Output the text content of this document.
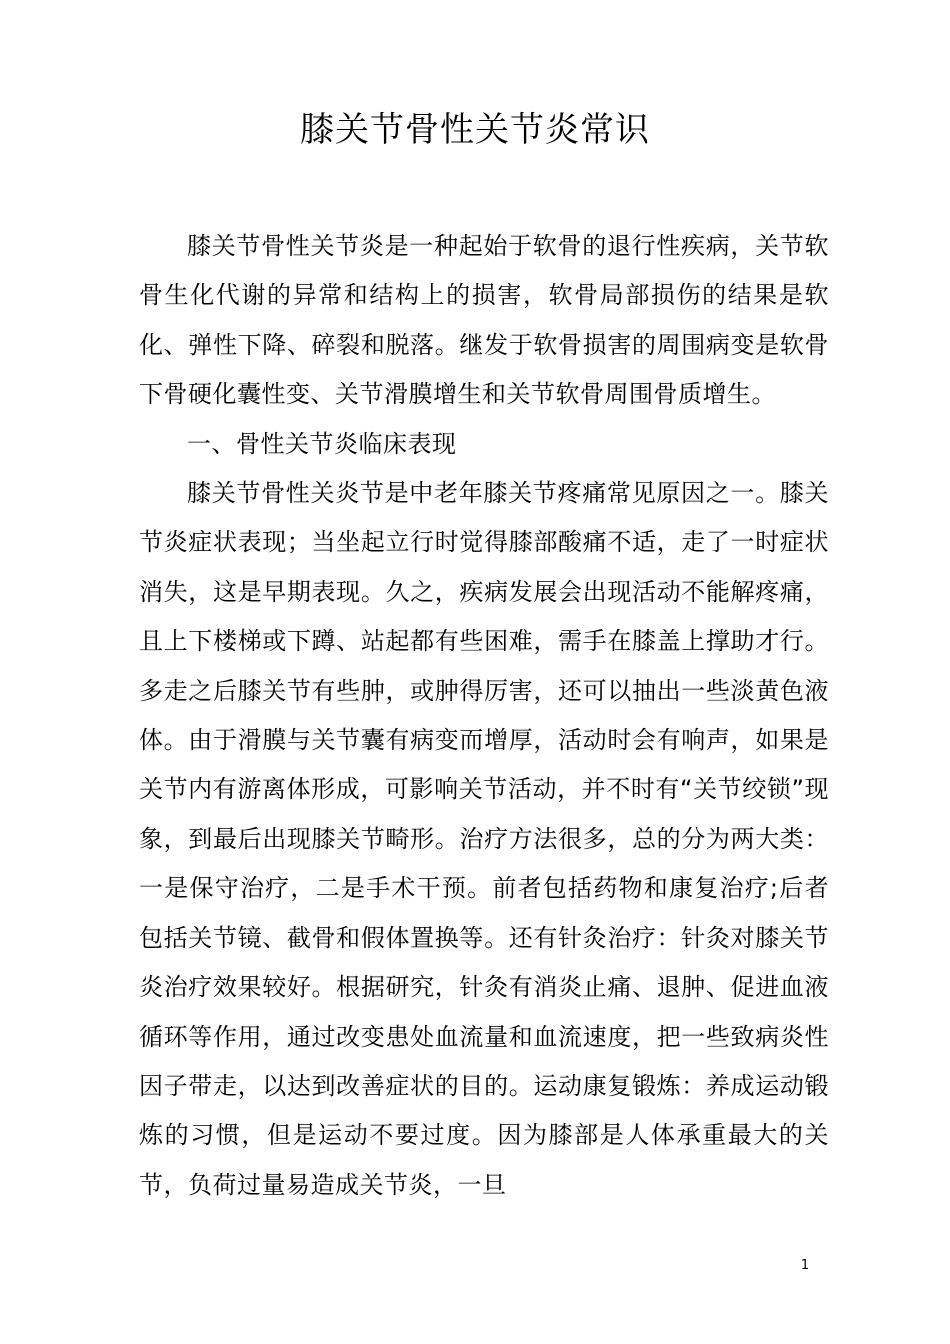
膝关节骨性关节炎常识

膝关节骨性关节炎是一种起始于软骨的退行性疾病，关节软骨生化代谢的异常和结构上的损害，软骨局部损伤的结果是软化、弹性下降、碎裂和脱落。继发于软骨损害的周围病变是软骨下骨硬化囊性变、关节滑膜增生和关节软骨周围骨质增生。

一、骨性关节炎临床表现

膝关节骨性关炎节是中老年膝关节疼痛常见原因之一。膝关节炎症状表现；当坐起立行时觉得膝部酸痛不适，走了一时症状消失，这是早期表现。久之，疾病发展会出现活动不能解疼痛，且上下楼梯或下蹲、站起都有些困难，需手在膝盖上撑助才行。多走之后膝关节有些肿，或肿得厉害，还可以抽出一些淡黄色液体。由于滑膜与关节囊有病变而增厚，活动时会有响声，如果是关节内有游离体形成，可影响关节活动，并不时有“关节绞锁”现象，到最后出现膝关节畸形。治疗方法很多，总的分为两大类：一是保守治疗，二是手术干预。前者包括药物和康复治疗;后者包括关节镜、截骨和假体置换等。还有针灸治疗：针灸对膝关节炎治疗效果较好。根据研究，针灸有消炎止痛、退肿、促进血液循环等作用，通过改变患处血流量和血流速度，把一些致病炎性因子带走，以达到改善症状的目的。运动康复锻炼：养成运动锻炼的习惯，但是运动不要过度。因为膝部是人体承重最大的关节，负荷过量易造成关节炎，一旦

1
